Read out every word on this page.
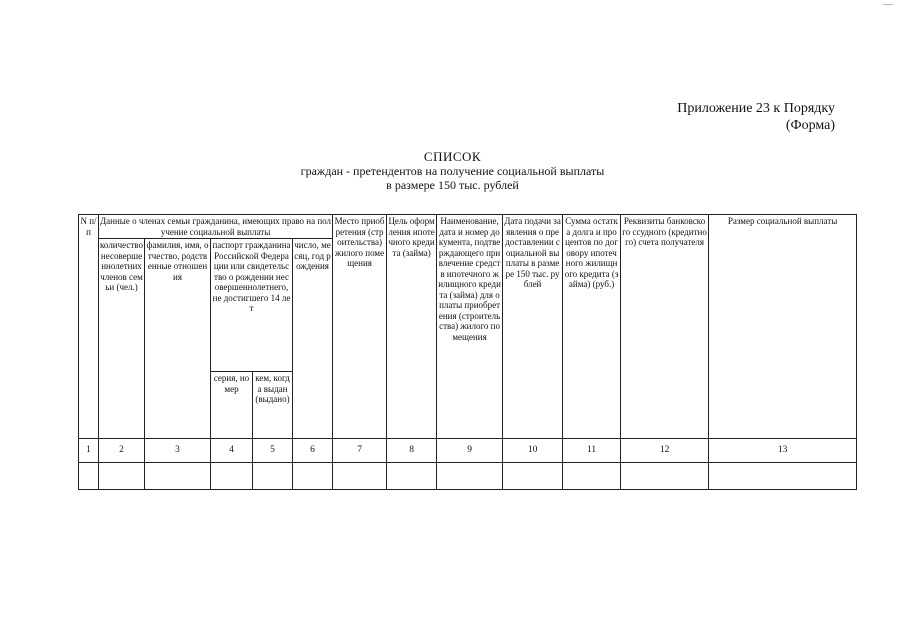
Приложение 23 к Порядку
(Форма)
СПИСОК
граждан - претендентов на получение социальной выплаты
в размере 150 тыс. рублей
N п/п	Данные о членах семьи гражданина, имеющих право на получение социальной выплаты					Место приобретения (строительства) жилого помещения	Цель оформления ипотечного кредита (займа)	Наименование, дата и номер документа, подтверждающего привлечение средств ипотечного жилищного кредита (займа) для оплаты приобретения (строительства) жилого помещения	Дата подачи заявления о предоставлении социальной выплаты в размере 150 тыс. рублей	Сумма остатка долга и процентов по договору ипотечного жилищного кредита (займа) (руб.)	Реквизиты банковского ссудного (кредитного) счета получателя	Размер социальной выплаты
	количество несовершеннолетних членов семьи (чел.)	фамилия, имя, отчество, родственные отношения	паспорт гражданина Российской Федерации или свидетельство о рождении несовершеннолетнего, не достигшего 14 лет		число, месяц, год рождения							
			серия, номер	кем, когда выдан (выдано)								
1	2	3	4	5	6	7	8	9	10	11	12	13
